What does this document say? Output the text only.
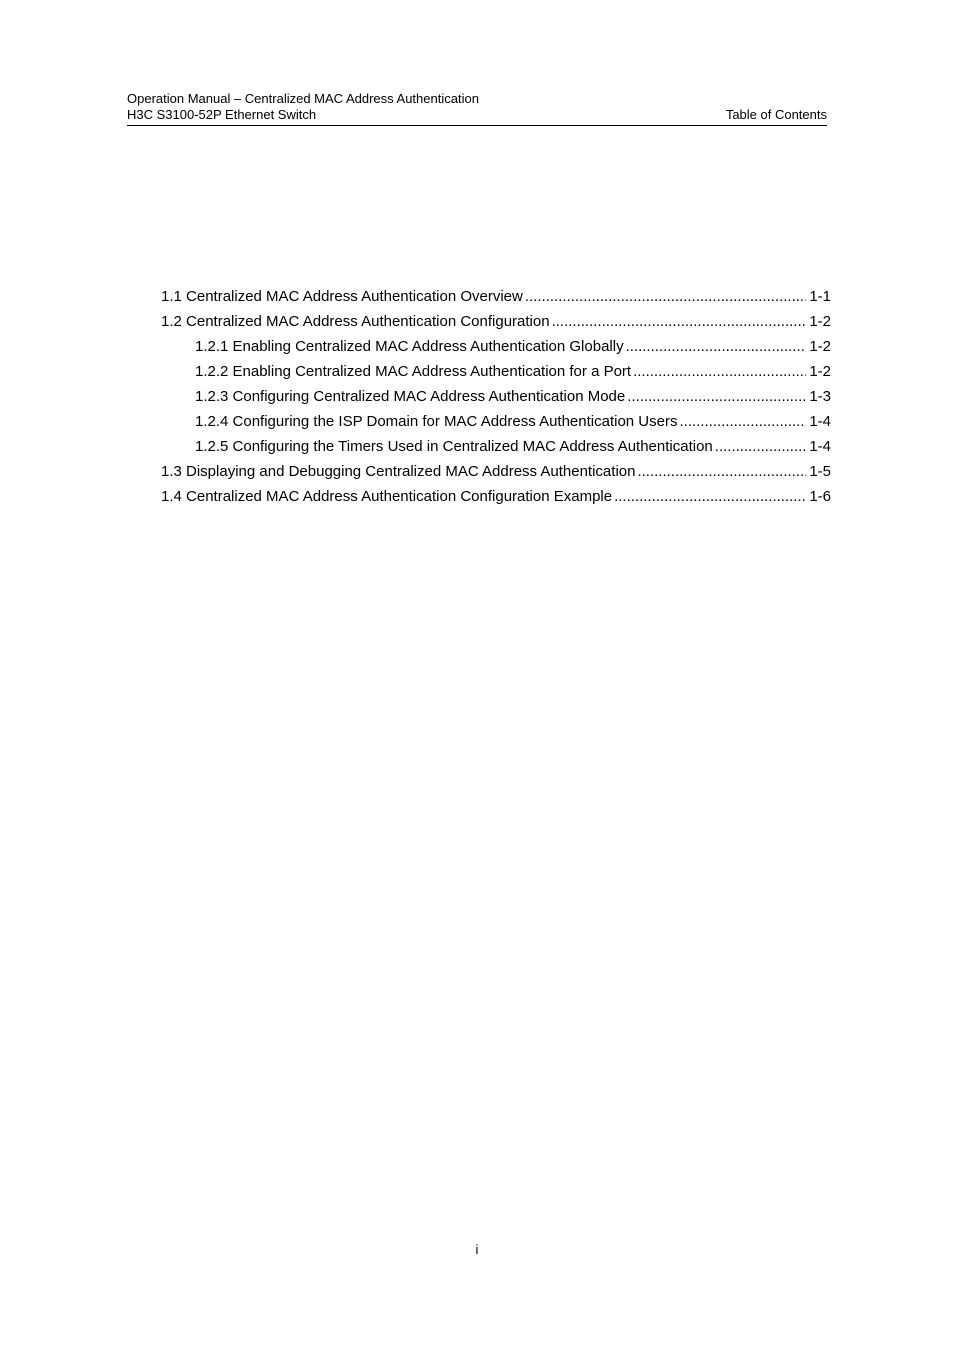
Operation Manual – Centralized MAC Address Authentication
H3C S3100-52P Ethernet Switch	Table of Contents
1.1 Centralized MAC Address Authentication Overview .....	1-1
1.2 Centralized MAC Address Authentication Configuration .....	1-2
1.2.1 Enabling Centralized MAC Address Authentication Globally .....	1-2
1.2.2 Enabling Centralized MAC Address Authentication for a Port .....	1-2
1.2.3 Configuring Centralized MAC Address Authentication Mode .....	1-3
1.2.4 Configuring the ISP Domain for MAC Address Authentication Users .....	1-4
1.2.5 Configuring the Timers Used in Centralized MAC Address Authentication .....	1-4
1.3 Displaying and Debugging Centralized MAC Address Authentication .....	1-5
1.4 Centralized MAC Address Authentication Configuration Example .....	1-6
i
